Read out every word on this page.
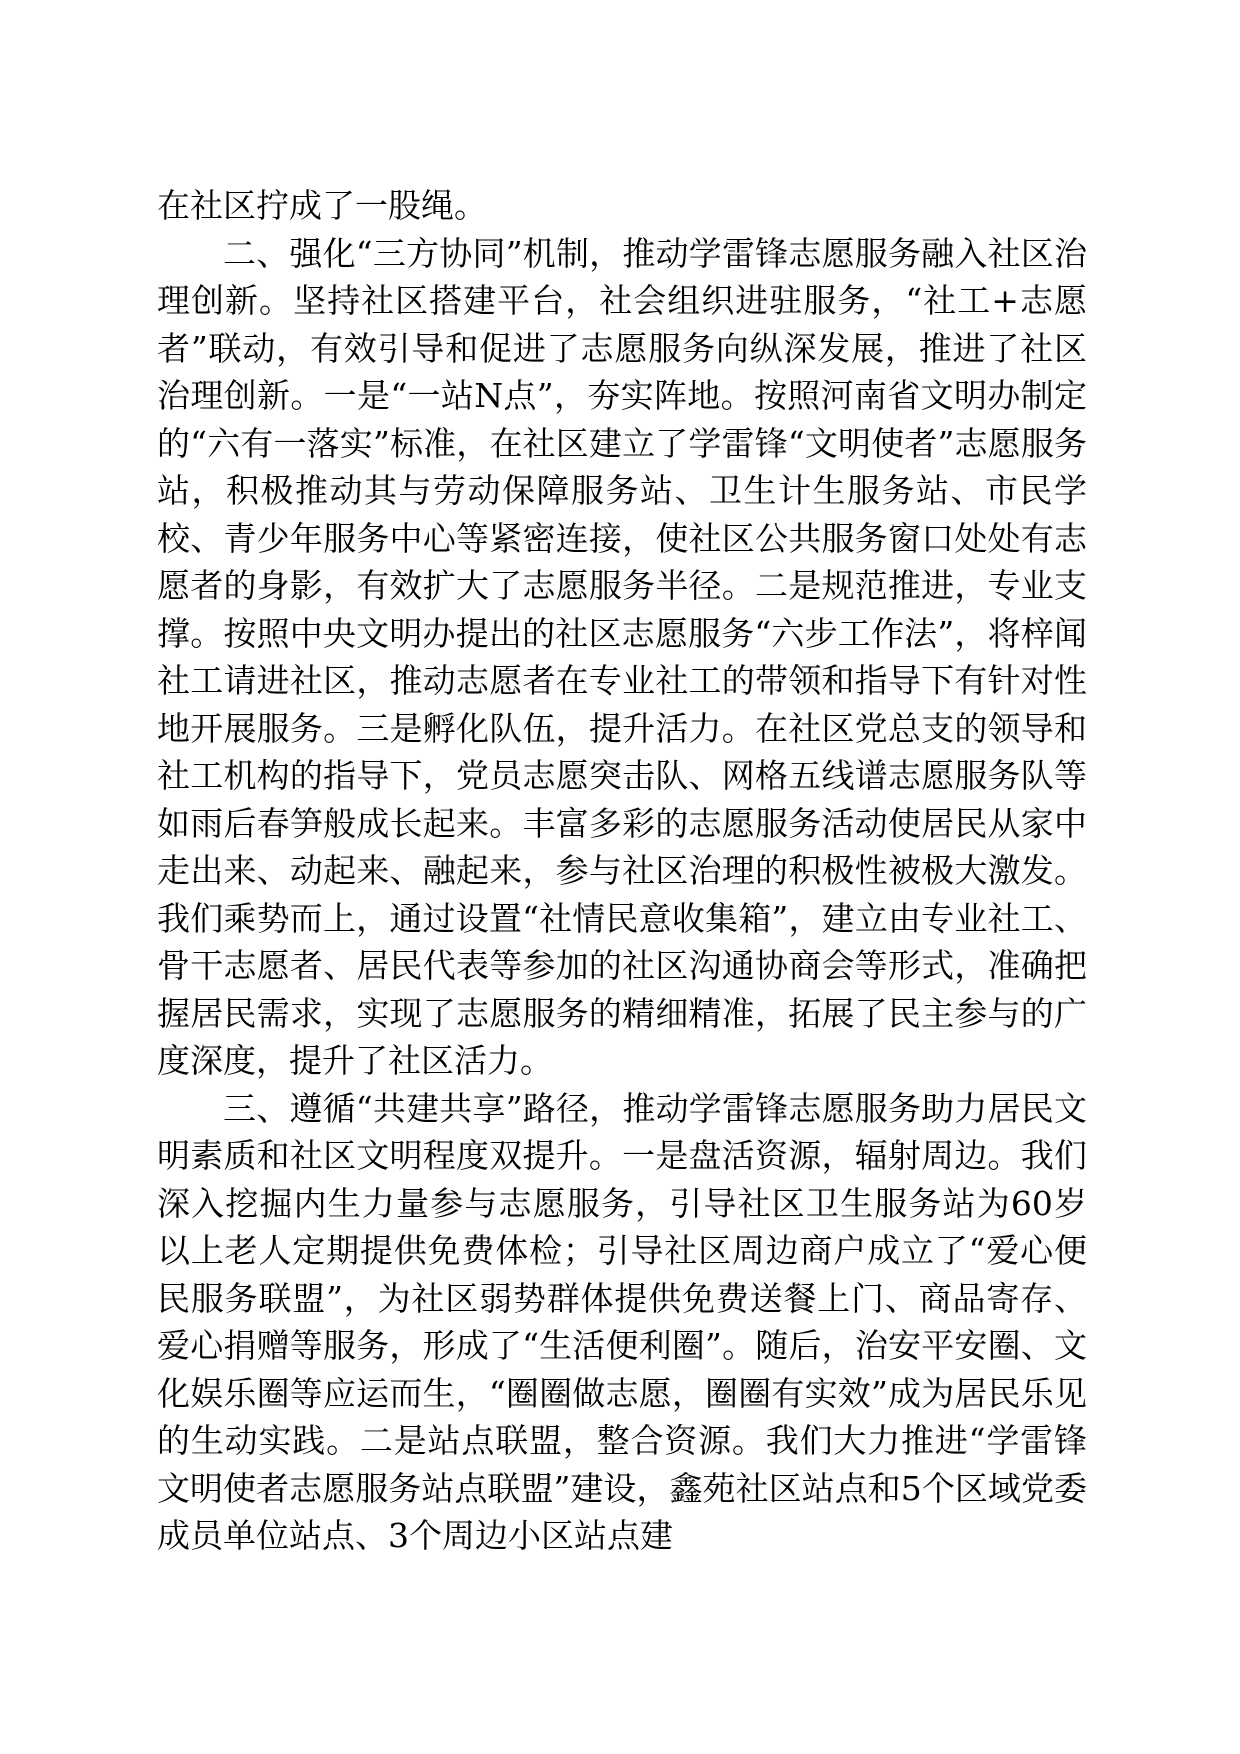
在社区拧成了一股绳。

二、强化“三方协同”机制，推动学雷锋志愿服务融入社区治理创新。坚持社区搭建平台，社会组织进驻服务，“社工+志愿者”联动，有效引导和促进了志愿服务向纵深发展，推进了社区治理创新。一是“一站N点”，夯实阵地。按照河南省文明办制定的“六有一落实”标准，在社区建立了学雷锋“文明使者”志愿服务站，积极推动其与劳动保障服务站、卫生计生服务站、市民学校、青少年服务中心等紧密连接，使社区公共服务窗口处处有志愿者的身影，有效扩大了志愿服务半径。二是规范推进，专业支撑。按照中央文明办提出的社区志愿服务“六步工作法”，将梓闻社工请进社区，推动志愿者在专业社工的带领和指导下有针对性地开展服务。三是孵化队伍，提升活力。在社区党总支的领导和社工机构的指导下，党员志愿突击队、网格五线谱志愿服务队等如雨后春笋般成长起来。丰富多彩的志愿服务活动使居民从家中走出来、动起来、融起来，参与社区治理的积极性被极大激发。我们乘势而上，通过设置“社情民意收集箱”，建立由专业社工、骨干志愿者、居民代表等参加的社区沟通协商会等形式，准确把握居民需求，实现了志愿服务的精细精准，拓展了民主参与的广度深度，提升了社区活力。

三、遵循“共建共享”路径，推动学雷锋志愿服务助力居民文明素质和社区文明程度双提升。一是盘活资源，辐射周边。我们深入挖掘内生力量参与志愿服务，引导社区卫生服务站为60岁以上老人定期提供免费体检；引导社区周边商户成立了“爱心便民服务联盟”，为社区弱势群体提供免费送餐上门、商品寄存、爱心捐赠等服务，形成了“生活便利圈”。随后，治安平安圈、文化娱乐圈等应运而生，“圈圈做志愿，圈圈有实效”成为居民乐见的生动实践。二是站点联盟，整合资源。我们大力推进“学雷锋文明使者志愿服务站点联盟”建设，鑫苑社区站点和5个区域党委成员单位站点、3个周边小区站点建
